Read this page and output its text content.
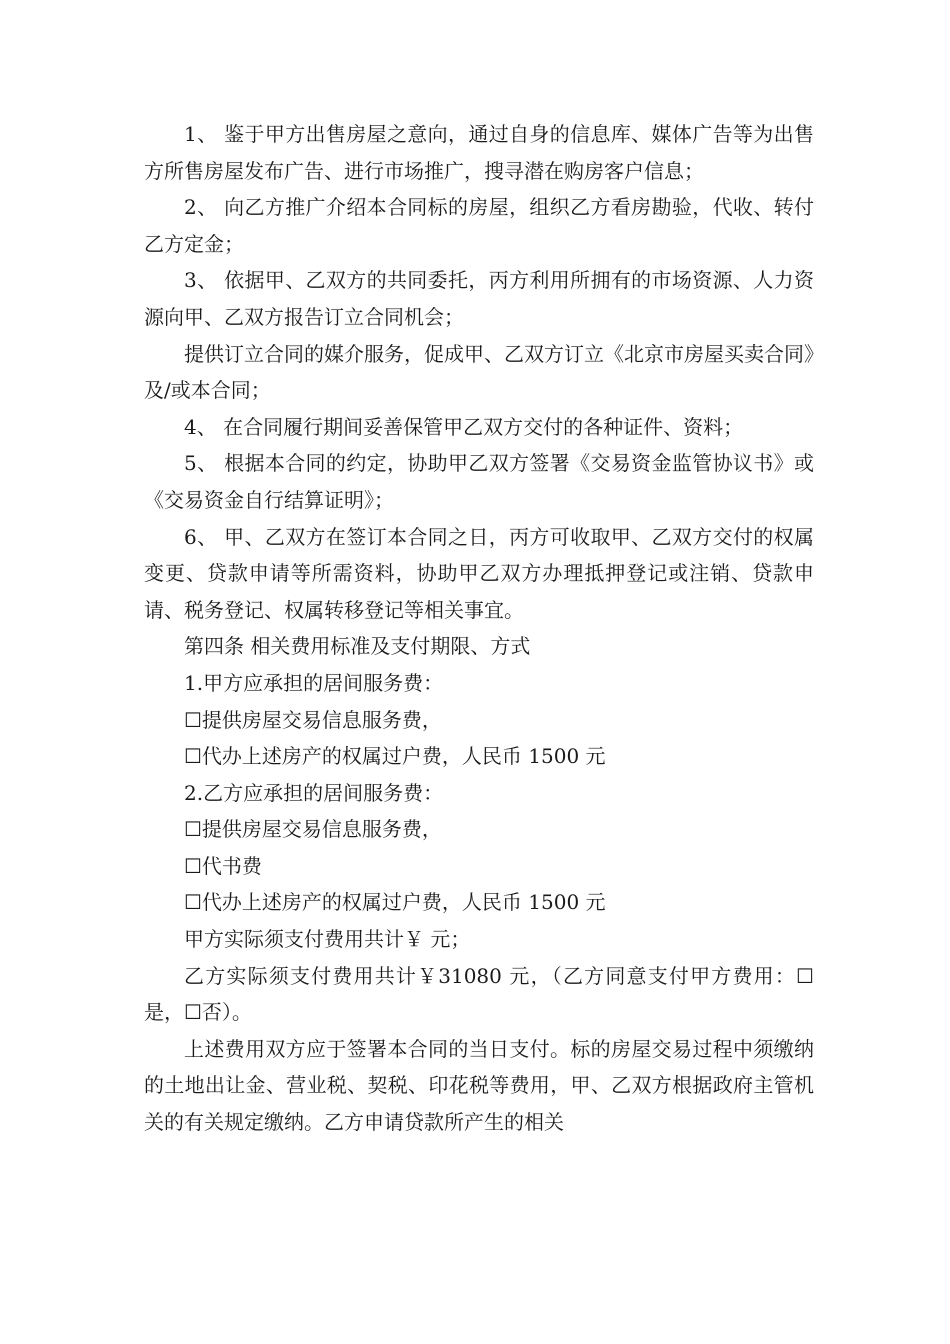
1、 鉴于甲方出售房屋之意向，通过自身的信息库、媒体广告等为出售方所售房屋发布广告、进行市场推广，搜寻潜在购房客户信息；

2、 向乙方推广介绍本合同标的房屋，组织乙方看房勘验，代收、转付乙方定金；

3、 依据甲、乙双方的共同委托，丙方利用所拥有的市场资源、人力资源向甲、乙双方报告订立合同机会；

提供订立合同的媒介服务，促成甲、乙双方订立《北京市房屋买卖合同》及/或本合同；

4、 在合同履行期间妥善保管甲乙双方交付的各种证件、资料；

5、 根据本合同的约定，协助甲乙双方签署《交易资金监管协议书》或《交易资金自行结算证明》；

6、 甲、乙双方在签订本合同之日，丙方可收取甲、乙双方交付的权属变更、贷款申请等所需资料，协助甲乙双方办理抵押登记或注销、贷款申请、税务登记、权属转移登记等相关事宜。

第四条 相关费用标准及支付期限、方式

1.甲方应承担的居间服务费：

☐提供房屋交易信息服务费，

☐代办上述房产的权属过户费，人民币 1500 元

2.乙方应承担的居间服务费：

☐提供房屋交易信息服务费，

☐代书费

☐代办上述房产的权属过户费，人民币 1500 元

甲方实际须支付费用共计￥ 元；

乙方实际须支付费用共计￥31080 元，（乙方同意支付甲方费用：☐是，☐否）。

上述费用双方应于签署本合同的当日支付。标的房屋交易过程中须缴纳的土地出让金、营业税、契税、印花税等费用，甲、乙双方根据政府主管机关的有关规定缴纳。乙方申请贷款所产生的相关
